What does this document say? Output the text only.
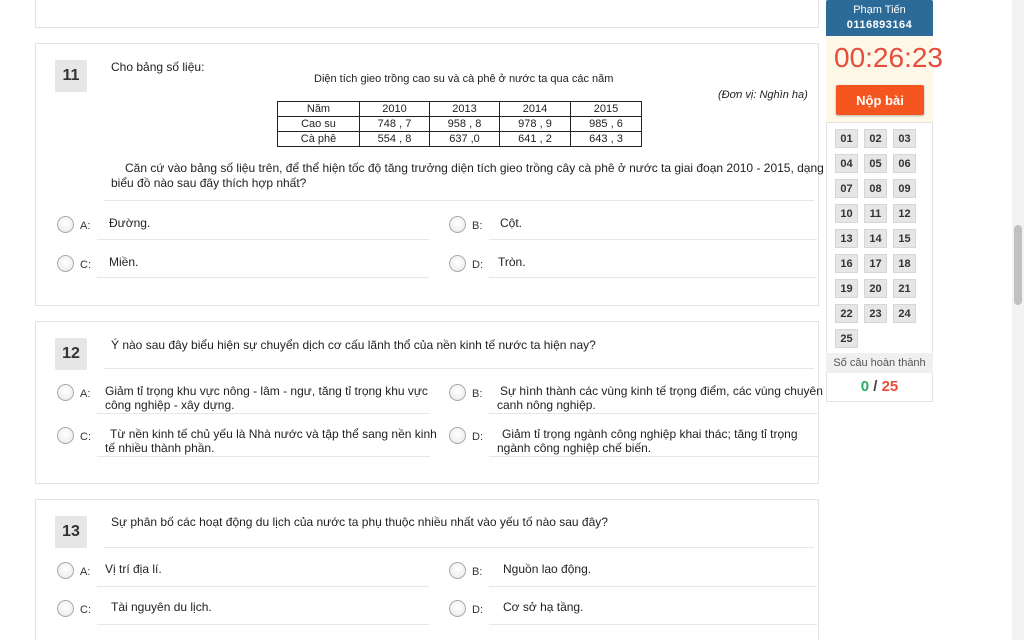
11	Cho bảng số liệu:
Diện tích gieo trồng cao su và cà phê ở nước ta qua các năm
(Đơn vị: Nghìn ha)
Năm	2010	2013	2014	2015
Cao su	748 , 7	958 , 8	978 , 9	985 , 6
Cà phê	554 , 8	637 ,0	641 , 2	643 , 3
Căn cứ vào bảng số liệu trên, để thể hiện tốc độ tăng trưởng diện tích gieo trồng cây cà phê ở nước ta giai đoạn 2010 - 2015, dạng
biểu đồ nào sau đây thích hợp nhất?
A: Đường.	B: Cột.
C: Miền.	D: Tròn.
12	Ý nào sau đây biểu hiện sự chuyển dịch cơ cấu lãnh thổ của nền kinh tế nước ta hiện nay?
A: Giảm tỉ trọng khu vực nông - lâm - ngư, tăng tỉ trọng khu vực
công nghiệp - xây dựng.
B: Sự hình thành các vùng kinh tế trọng điểm, các vùng chuyên
canh nông nghiệp.
C:	Từ nền kinh tế chủ yếu là Nhà nước và tập thể sang nền kinh
tế nhiều thành phần.
D:	Giảm tỉ trọng ngành công nghiệp khai thác; tăng tỉ trọng
ngành công nghiệp chế biến.
13
Sự phân bố các hoạt động du lịch của nước ta phụ thuộc nhiều nhất vào yếu tố nào sau đây?
A: Vị trí địa lí.	B: Nguồn lao động.
C: Tài nguyên du lịch.	D: Cơ sở hạ tầng.
Phạm Tiến
0116893164
00:26:23
Nộp bài
01	02	03
04	05	06
07	08	09
10	11	12
13	14	15
16	17	18
19	20	21
22	23	24
25
Số câu hoàn thành
0 / 25
